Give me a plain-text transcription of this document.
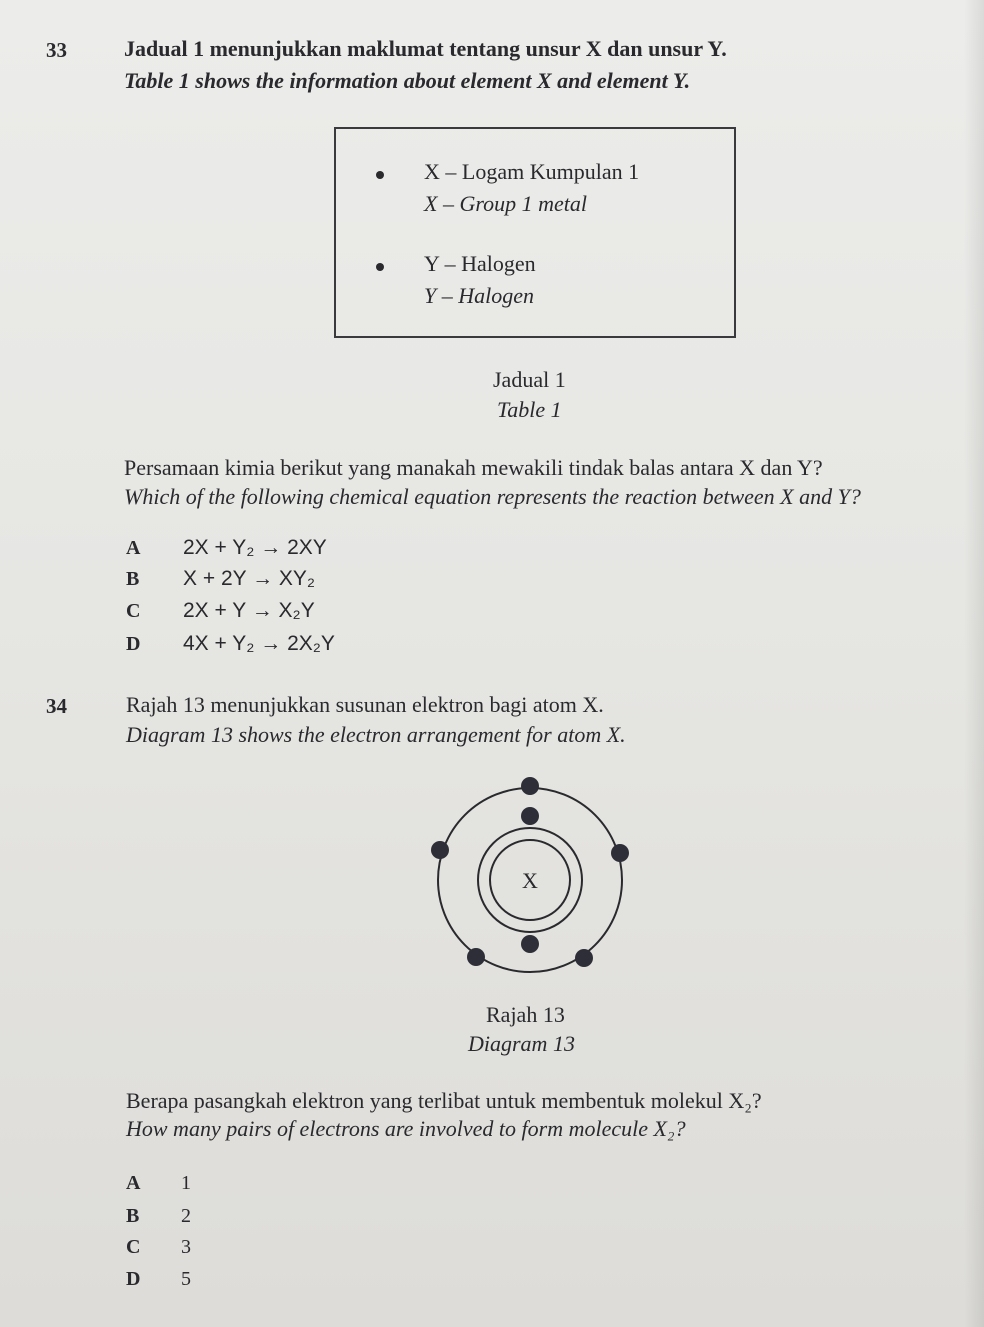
33	Jadual 1 menunjukkan maklumat tentang unsur X dan unsur Y.
Table 1 shows the information about element X and element Y.
X – Logam Kumpulan 1
X – Group 1 metal
Y – Halogen
Y – Halogen
Jadual 1
Table 1
Persamaan kimia berikut yang manakah mewakili tindak balas antara X dan Y?
Which of the following chemical equation represents the reaction between X and Y?
A 2X + Y₂ → 2XY
B X + 2Y → XY₂
C 2X + Y → X₂Y
D 4X + Y₂ → 2X₂Y
34	Rajah 13 menunjukkan susunan elektron bagi atom X.
Diagram 13 shows the electron arrangement for atom X.
X
Rajah 13
Diagram 13
Berapa pasangkah elektron yang terlibat untuk membentuk molekul X₂?
How many pairs of electrons are involved to form molecule X₂?
A 1
B 2
C 3
D 5
